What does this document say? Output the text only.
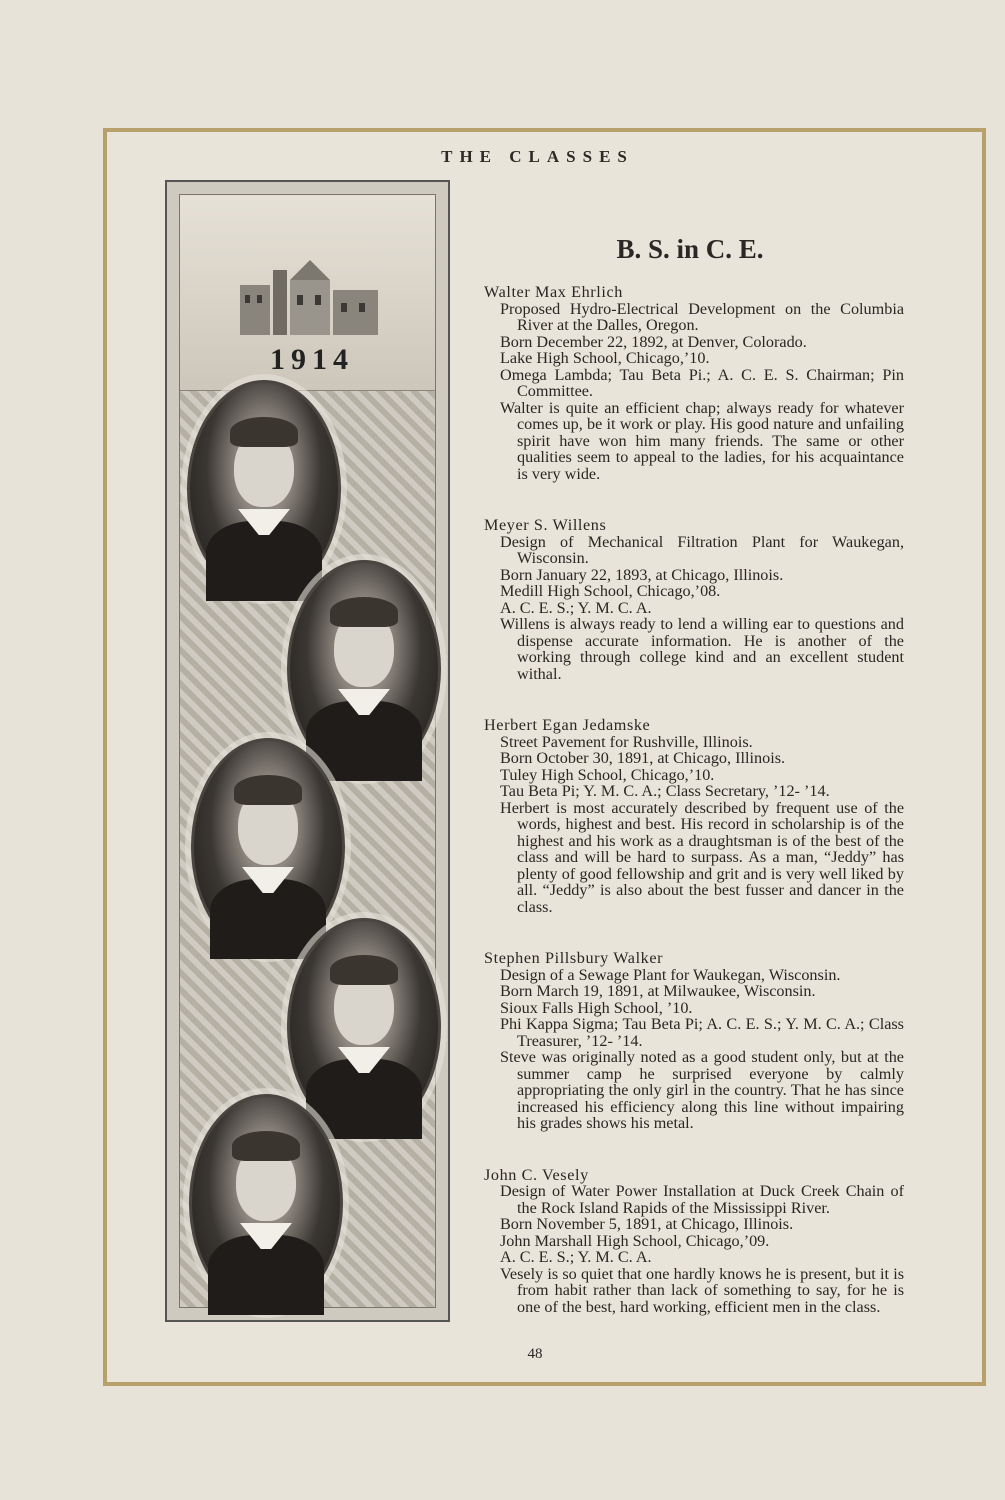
THE CLASSES
1914
B. S. in C. E.
Walter Max Ehrlich
Proposed Hydro-Electrical Development on the Columbia River at the Dalles, Oregon.
Born December 22, 1892, at Denver, Colorado.
Lake High School, Chicago,’10.
Omega Lambda; Tau Beta Pi.; A. C. E. S. Chairman; Pin Committee.
Walter is quite an efficient chap; always ready for whatever comes up, be it work or play. His good nature and unfailing spirit have won him many friends. The same or other qualities seem to appeal to the ladies, for his acquaintance is very wide.
Meyer S. Willens
Design of Mechanical Filtration Plant for Waukegan, Wisconsin.
Born January 22, 1893, at Chicago, Illinois.
Medill High School, Chicago,’08.
A. C. E. S.; Y. M. C. A.
Willens is always ready to lend a willing ear to questions and dispense accurate information. He is another of the working through college kind and an excellent student withal.
Herbert Egan Jedamske
Street Pavement for Rushville, Illinois.
Born October 30, 1891, at Chicago, Illinois.
Tuley High School, Chicago,’10.
Tau Beta Pi; Y. M. C. A.; Class Secretary, ’12- ’14.
Herbert is most accurately described by frequent use of the words, highest and best. His record in scholarship is of the highest and his work as a draughtsman is of the best of the class and will be hard to surpass. As a man, “Jeddy” has plenty of good fellowship and grit and is very well liked by all. “Jeddy” is also about the best fusser and dancer in the class.
Stephen Pillsbury Walker
Design of a Sewage Plant for Waukegan, Wisconsin.
Born March 19, 1891, at Milwaukee, Wisconsin.
Sioux Falls High School, ’10.
Phi Kappa Sigma; Tau Beta Pi; A. C. E. S.; Y. M. C. A.; Class Treasurer, ’12- ’14.
Steve was originally noted as a good student only, but at the summer camp he surprised everyone by calmly appropriating the only girl in the country. That he has since increased his efficiency along this line without impairing his grades shows his metal.
John C. Vesely
Design of Water Power Installation at Duck Creek Chain of the Rock Island Rapids of the Mississippi River.
Born November 5, 1891, at Chicago, Illinois.
John Marshall High School, Chicago,’09.
A. C. E. S.; Y. M. C. A.
Vesely is so quiet that one hardly knows he is present, but it is from habit rather than lack of something to say, for he is one of the best, hard working, efficient men in the class.
48
